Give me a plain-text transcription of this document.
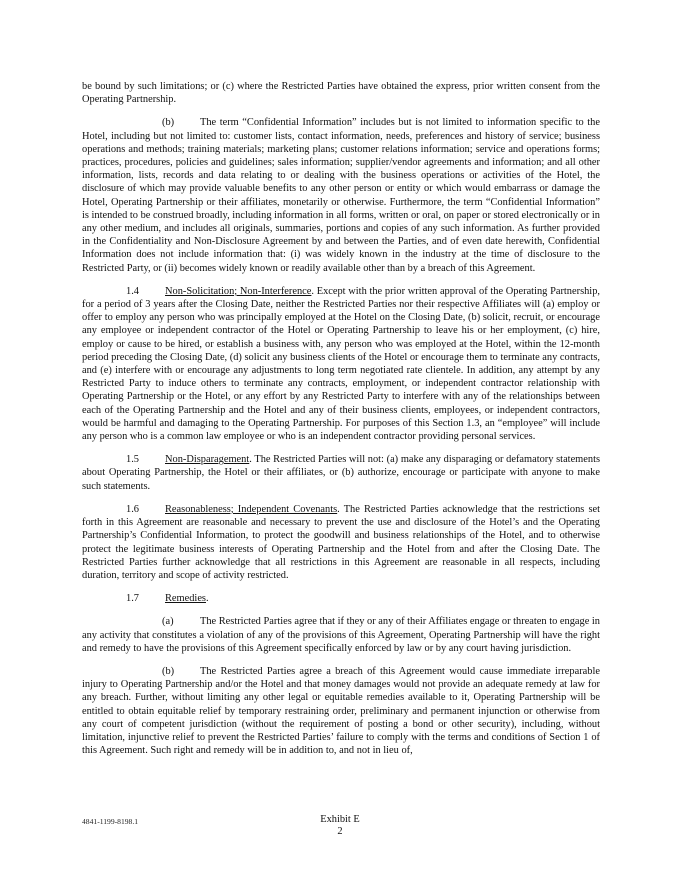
be bound by such limitations; or (c) where the Restricted Parties have obtained the express, prior written consent from the Operating Partnership.

(b) The term “Confidential Information” includes but is not limited to information specific to the Hotel, including but not limited to: customer lists, contact information, needs, preferences and history of service; business operations and methods; training materials; marketing plans; customer relations information; service and operations forms; practices, procedures, policies and guidelines; sales information; supplier/vendor agreements and information; and all other information, lists, records and data relating to or dealing with the business operations or activities of the Hotel, the disclosure of which may provide valuable benefits to any other person or entity or which would embarrass or damage the Hotel, Operating Partnership or their affiliates, monetarily or otherwise. Furthermore, the term “Confidential Information” is intended to be construed broadly, including information in all forms, written or oral, on paper or stored electronically or in any other medium, and includes all originals, summaries, portions and copies of any such information. As further provided in the Confidentiality and Non-Disclosure Agreement by and between the Parties, and of even date herewith, Confidential Information does not include information that: (i) was widely known in the industry at the time of disclosure to the Restricted Party, or (ii) becomes widely known or readily available other than by a breach of this Agreement.

1.4	Non-Solicitation; Non-Interference. Except with the prior written approval of the Operating Partnership, for a period of 3 years after the Closing Date, neither the Restricted Parties nor their respective Affiliates will (a) employ or offer to employ any person who was principally employed at the Hotel on the Closing Date, (b) solicit, recruit, or encourage any employee or independent contractor of the Hotel or Operating Partnership to leave his or her employment, (c) hire, employ or cause to be hired, or establish a business with, any person who was employed at the Hotel, within the 12-month period preceding the Closing Date, (d) solicit any business clients of the Hotel or encourage them to terminate any contracts, and (e) interfere with or encourage any adjustments to long term negotiated rate clientele. In addition, any attempt by any Restricted Party to induce others to terminate any contracts, employment, or independent contractor relationship with Operating Partnership or the Hotel, or any effort by any Restricted Party to interfere with any of the relationships between each of the Operating Partnership and the Hotel and any of their business clients, employees, or independent contractors, would be harmful and damaging to the Operating Partnership. For purposes of this Section 1.3, an “employee” will include any person who is a common law employee or who is an independent contractor providing personal services.

1.5	Non-Disparagement. The Restricted Parties will not: (a) make any disparaging or defamatory statements about Operating Partnership, the Hotel or their affiliates, or (b) authorize, encourage or participate with anyone to make such statements.

1.6	Reasonableness; Independent Covenants. The Restricted Parties acknowledge that the restrictions set forth in this Agreement are reasonable and necessary to prevent the use and disclosure of the Hotel’s and the Operating Partnership’s Confidential Information, to protect the goodwill and business relationships of the Hotel, and to otherwise protect the legitimate business interests of Operating Partnership and the Hotel from and after the Closing Date. The Restricted Parties further acknowledge that all restrictions in this Agreement are reasonable in all respects, including duration, territory and scope of activity restricted.

1.7	Remedies.

(a)	The Restricted Parties agree that if they or any of their Affiliates engage or threaten to engage in any activity that constitutes a violation of any of the provisions of this Agreement, Operating Partnership will have the right and remedy to have the provisions of this Agreement specifically enforced by law or by any court having jurisdiction.

(b) The Restricted Parties agree a breach of this Agreement would cause immediate irreparable injury to Operating Partnership and/or the Hotel and that money damages would not provide an adequate remedy at law for any breach. Further, without limiting any other legal or equitable remedies available to it, Operating Partnership will be entitled to obtain equitable relief by temporary restraining order, preliminary and permanent injunction or otherwise from any court of competent jurisdiction (without the requirement of posting a bond or other security), including, without limitation, injunctive relief to prevent the Restricted Parties’ failure to comply with the terms and conditions of Section 1 of this Agreement. Such right and remedy will be in addition to, and not in lieu of,

4841-1199-8198.1	Exhibit E
2
